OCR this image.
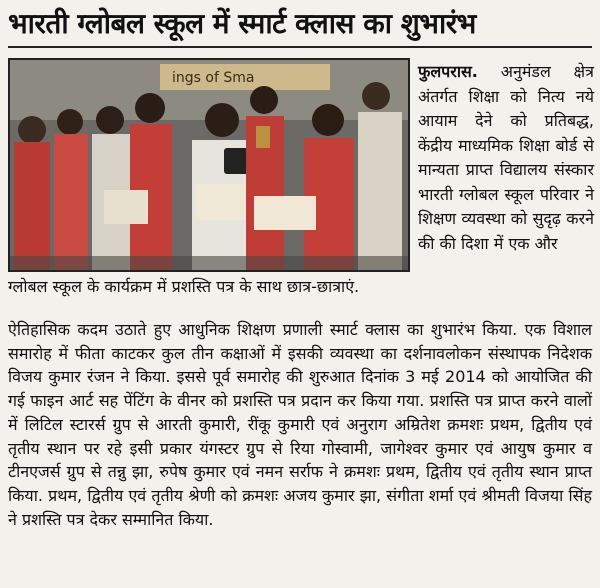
भारती ग्लोबल स्कूल में स्मार्ट क्लास का शुभारंभ
ings of Sma
ग्लोबल स्कूल के कार्यक्रम में प्रशस्ति पत्र के साथ छात्र-छात्राएं.
फुलपरास. अनुमंडल क्षेत्र अंतर्गत शिक्षा को नित्य नये आयाम देने को प्रतिबद्ध, केंद्रीय माध्यमिक शिक्षा बोर्ड से मान्यता प्राप्त विद्यालय संस्कार भारती ग्लोबल स्कूल परिवार ने शिक्षण व्यवस्था को सुदृढ़ करने की की दिशा में एक और
ऐतिहासिक कदम उठाते हुए आधुनिक शिक्षण प्रणाली स्मार्ट क्लास का शुभारंभ किया. एक विशाल समारोह में फीता काटकर कुल तीन कक्षाओं में इसकी व्यवस्था का दर्शनावलोकन संस्थापक निदेशक विजय कुमार रंजन ने किया. इससे पूर्व समारोह की शुरुआत दिनांक 3 मई 2014 को आयोजित की गई फाइन आर्ट सह पेंटिंग के वीनर को प्रशस्ति पत्र प्रदान कर किया गया. प्रशस्ति पत्र प्राप्त करने वालों में लिटिल स्टारर्स ग्रुप से आरती कुमारी, रींकू कुमारी एवं अनुराग अम्रितेश क्रमशः प्रथम, द्वितीय एवं तृतीय स्थान पर रहे इसी प्रकार यंगस्टर ग्रुप से रिया गोस्वामी, जागेश्वर कुमार एवं आयुष कुमार व टीनएजर्स ग्रुप से तन्नु झा, रुपेष कुमार एवं नमन सर्राफ ने क्रमशः प्रथम, द्वितीय एवं तृतीय स्थान प्राप्त किया. प्रथम, द्वितीय एवं तृतीय श्रेणी को क्रमशः अजय कुमार झा, संगीता शर्मा एवं श्रीमती विजया सिंह ने प्रशस्ति पत्र देकर सम्मानित किया.
